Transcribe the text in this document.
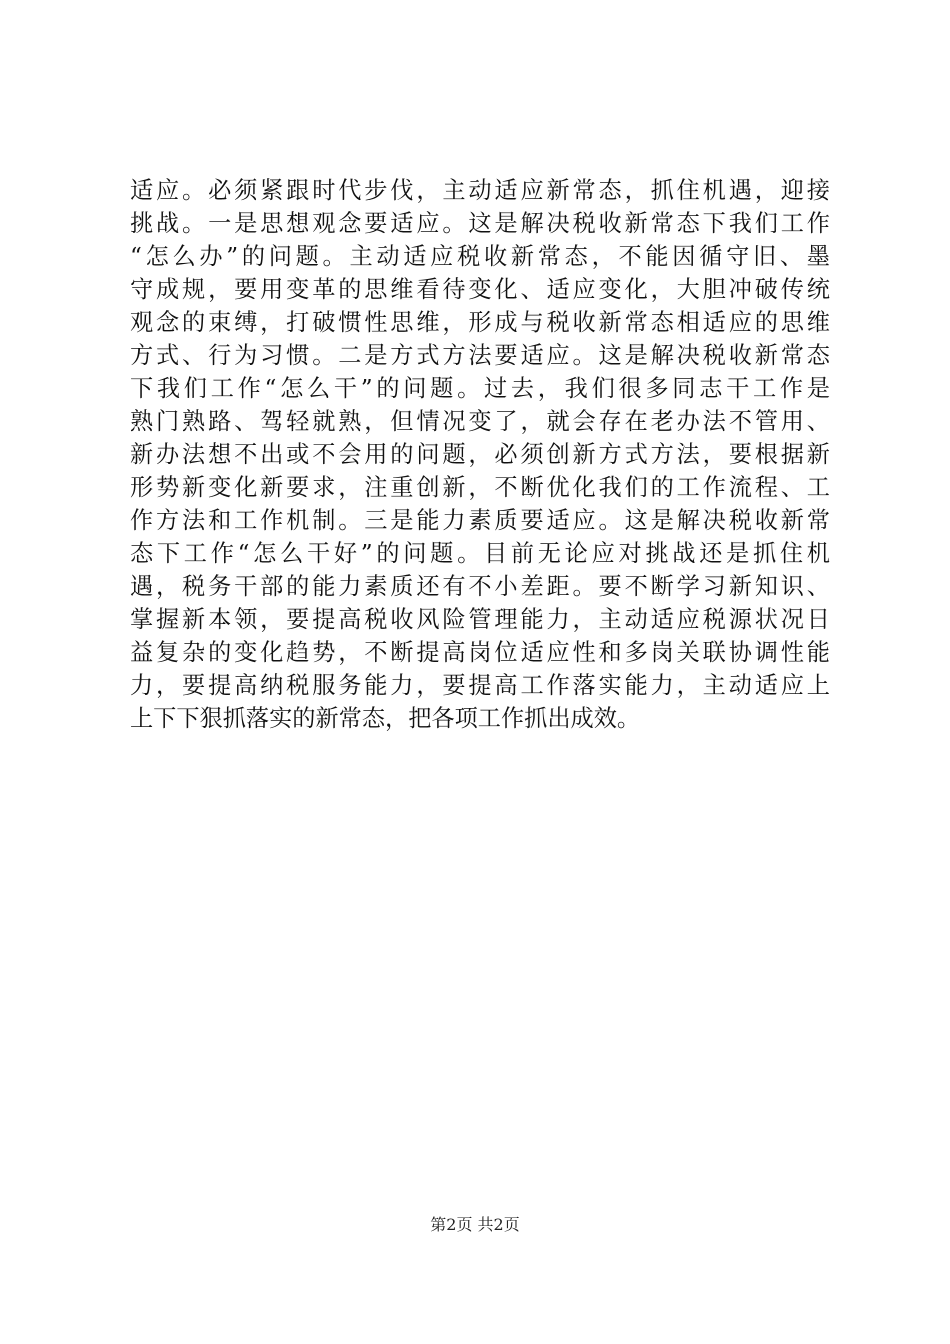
适应。必须紧跟时代步伐，主动适应新常态，抓住机遇，迎接
挑战。一是思想观念要适应。这是解决税收新常态下我们工作
“怎么办”的问题。主动适应税收新常态，不能因循守旧、墨
守成规，要用变革的思维看待变化、适应变化，大胆冲破传统
观念的束缚，打破惯性思维，形成与税收新常态相适应的思维
方式、行为习惯。二是方式方法要适应。这是解决税收新常态
下我们工作“怎么干”的问题。过去，我们很多同志干工作是
熟门熟路、驾轻就熟，但情况变了，就会存在老办法不管用、
新办法想不出或不会用的问题，必须创新方式方法，要根据新
形势新变化新要求，注重创新，不断优化我们的工作流程、工
作方法和工作机制。三是能力素质要适应。这是解决税收新常
态下工作“怎么干好”的问题。目前无论应对挑战还是抓住机
遇，税务干部的能力素质还有不小差距。要不断学习新知识、
掌握新本领，要提高税收风险管理能力，主动适应税源状况日
益复杂的变化趋势，不断提高岗位适应性和多岗关联协调性能
力，要提高纳税服务能力，要提高工作落实能力，主动适应上
上下下狠抓落实的新常态，把各项工作抓出成效。
第2页 共2页
